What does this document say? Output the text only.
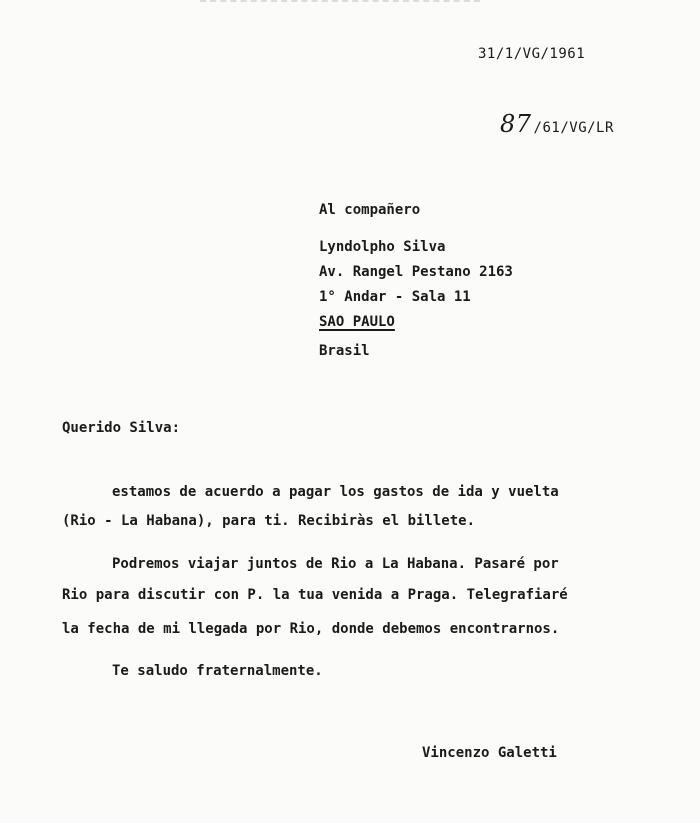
31/1/VG/1961
87 /61/VG/LR
Al compañero
Lyndolpho Silva
Av. Rangel Pestano 2163
1° Andar - Sala 11
SAO PAULO
Brasil
Querido Silva:
estamos de acuerdo a pagar los gastos de ida y vuelta
(Rio - La Habana), para ti. Recibiràs el billete.
Podremos viajar juntos de Rio a La Habana. Pasaré por
Rio para discutir con P. la tua venida a Praga. Telegrafiaré
la fecha de mi llegada por Rio, donde debemos encontrarnos.
Te saludo fraternalmente.
Vincenzo Galetti
